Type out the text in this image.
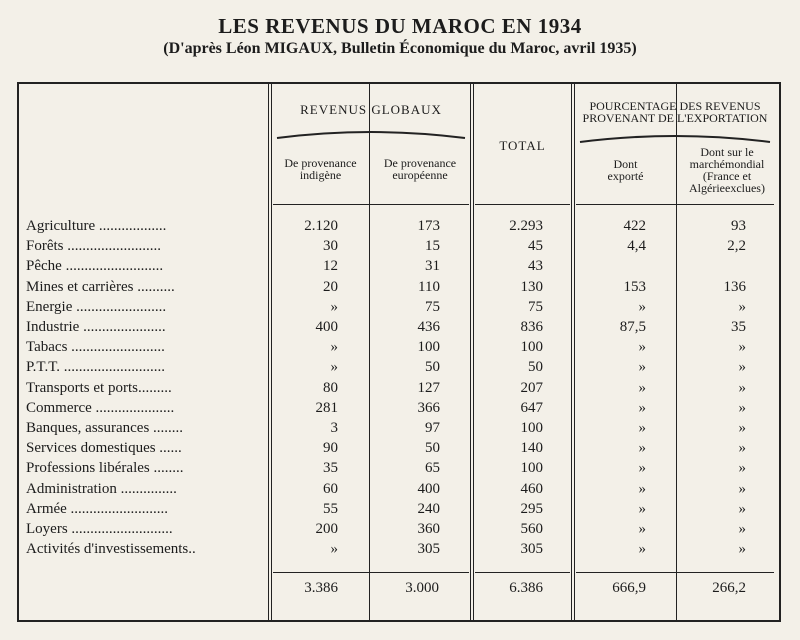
LES REVENUS DU MAROC EN 1934
(D'après Léon MIGAUX, Bulletin Économique du Maroc, avril 1935)
REVENUS GLOBAUX
De provenance
indigène
De provenance
européenne
TOTAL
POURCENTAGE DES REVENUS
PROVENANT DE L'EXPORTATION
Dont
exporté
Dont sur le
marchémondial
(France et
Algérieexclues)
Agriculture ..................	2.120	173	2.293	422	93
Forêts .........................	30	15	45	4,4	2,2
Pêche ..........................	12	31	43
Mines et carrières ..........	20	110	130	153	136
Energie ........................	»	75	75	»	»
Industrie ......................	400	436	836	87,5	35
Tabacs .........................	»	100	100	»	»
P.T.T. ...........................	»	50	50	»	»
Transports et ports.........	80	127	207	»	»
Commerce .....................	281	366	647	»	»
Banques, assurances ........	3	97	100	»	»
Services domestiques ......	90	50	140	»	»
Professions libérales ........	35	65	100	»	»
Administration ...............	60	400	460	»	»
Armée ..........................	55	240	295	»	»
Loyers ...........................	200	360	560	»	»
Activités d'investissements..	»	305	305	»	»
3.386	3.000	6.386	666,9	266,2
